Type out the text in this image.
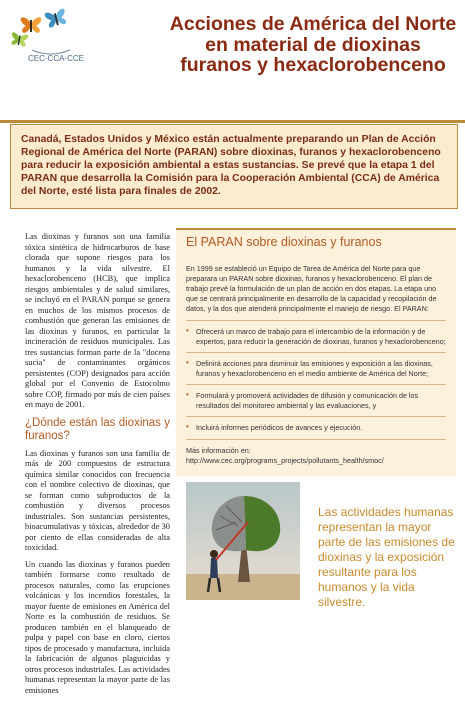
CEC·CCA·CCE
Acciones de América del Norte en material de dioxinas furanos y hexaclorobenceno

Canadá, Estados Unidos y México están actualmente preparando un Plan de Acción Regional de América del Norte (PARAN) sobre dioxinas, furanos y hexaclorobenceno para reducir la exposición ambiental a estas sustancias. Se prevé que la etapa 1 del PARAN que desarrolla la Comisión para la Cooperación Ambiental (CCA) de América del Norte, esté lista para finales de 2002.

Las dioxinas y furanos son una familia tóxica sintética de hidrocarburos de base clorada que supone riesgos para los humanos y la vida silvestre. El hexaclorobenceno (HCB), que implica riesgos ambientales y de salud similares, se incluyó en el PARAN porque se genera en muchos de los mismos procesos de combustión que generan las emisiones de las dioxinas y furanos, en particular la incineración de residuos municipales. Las tres sustancias forman parte de la "docena sucia" de contaminantes orgánicos persistentes (COP) designados para acción global por el Convenio de Estocolmo sobre COP, firmado por más de cien países en mayo de 2001.

¿Dónde están las dioxinas y furanos?

Las dioxinas y furanos son una familia de más de 200 compuestos de estructura química similar conocidos con frecuencia con el nombre colectivo de dioxinas, que se forman como subproductos de la combustión y diversos procesos industriales. Son sustancias persistentes, bioacumulativas y tóxicas, alrededor de 30 por ciento de ellas consideradas de alta toxicidad.

Un cuando las dioxinas y furanos pueden también formarse como resultado de procesos naturales, como las erupciones volcánicas y los incendios forestales, la mayor fuente de emisiones en América del Norte es la combustión de residuos. Se producen también en el blanqueado de pulpa y papel con base en cloro, ciertos tipos de procesado y manufactura, incluida la fabricación de algunos plaguicidas y otros procesos industriales. Las actividades humanas representan la mayor parte de las emisiones

El PARAN sobre dioxinas y furanos

En 1999 se estableció un Equipo de Tarea de América del Norte para que preparara un PARAN sobre dioxinas, furanos y hexaclorobenceno. El plan de trabajo prevé la formulación de un plan de acción en dos etapas. La etapa uno que se centrará principalmente en desarrollo de la capacidad y recopilación de datos, y la dos que atenderá principalmente el manejo de riesgo. El PARAN:

• Ofrecerá un marco de trabajo para el intercambio de la información y de expertos, para reducir la generación de dioxinas, furanos y hexaclorobenceno;
• Definirá acciones para disminuir las emisiones y exposición a las dioxinas, furanos y hexaclorobenceno en el medio ambiente de América del Norte;
• Formulará y promoverá actividades de difusión y comunicación de los resultados del monitoreo ambiental y las evaluaciones, y
• Incluirá informes periódicos de avances y ejecución.

Más información en: http://www.cec.org/programs_projects/pollutants_health/smoc/

Las actividades humanas representan la mayor parte de las emisiones de dioxinas y la exposición resultante para los humanos y la vida silvestre.
